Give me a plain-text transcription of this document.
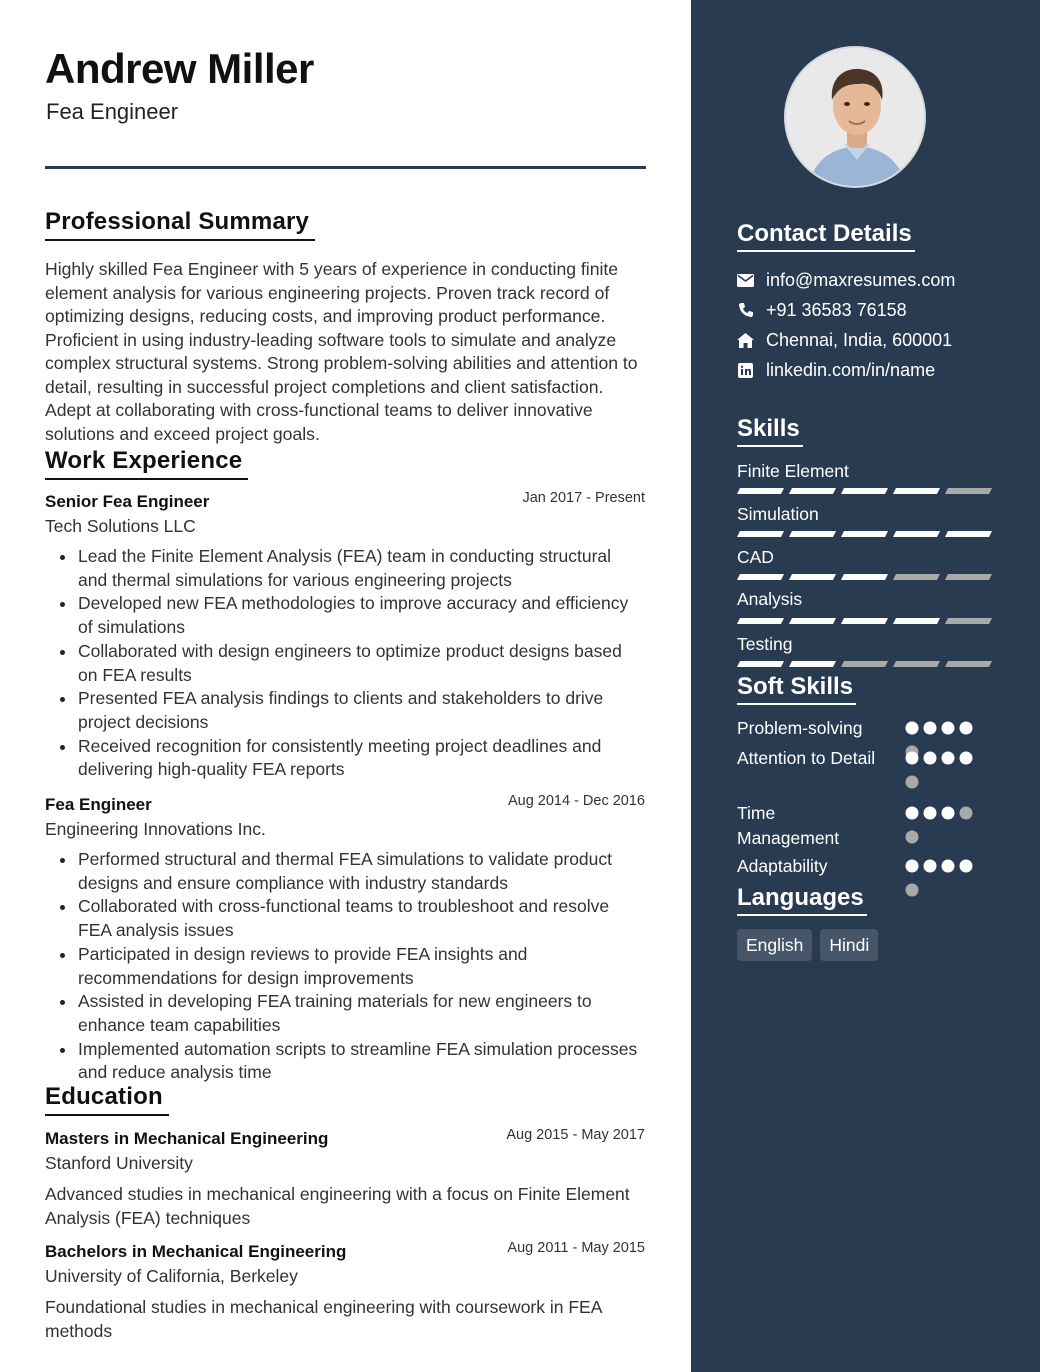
Andrew Miller
Fea Engineer
Professional Summary
Highly skilled Fea Engineer with 5 years of experience in conducting finite element analysis for various engineering projects. Proven track record of optimizing designs, reducing costs, and improving product performance. Proficient in using industry-leading software tools to simulate and analyze complex structural systems. Strong problem-solving abilities and attention to detail, resulting in successful project completions and client satisfaction. Adept at collaborating with cross-functional teams to deliver innovative solutions and exceed project goals.
Work Experience
Senior Fea Engineer	Jan 2017 - Present
Tech Solutions LLC
Lead the Finite Element Analysis (FEA) team in conducting structural and thermal simulations for various engineering projects
Developed new FEA methodologies to improve accuracy and efficiency of simulations
Collaborated with design engineers to optimize product designs based on FEA results
Presented FEA analysis findings to clients and stakeholders to drive project decisions
Received recognition for consistently meeting project deadlines and delivering high-quality FEA reports
Fea Engineer	Aug 2014 - Dec 2016
Engineering Innovations Inc.
Performed structural and thermal FEA simulations to validate product designs and ensure compliance with industry standards
Collaborated with cross-functional teams to troubleshoot and resolve FEA analysis issues
Participated in design reviews to provide FEA insights and recommendations for design improvements
Assisted in developing FEA training materials for new engineers to enhance team capabilities
Implemented automation scripts to streamline FEA simulation processes and reduce analysis time
Education
Masters in Mechanical Engineering	Aug 2015 - May 2017
Stanford University
Advanced studies in mechanical engineering with a focus on Finite Element Analysis (FEA) techniques
Bachelors in Mechanical Engineering	Aug 2011 - May 2015
University of California, Berkeley
Foundational studies in mechanical engineering with coursework in FEA methods
Contact Details
info@maxresumes.com
+91 36583 76158
Chennai, India, 600001
linkedin.com/in/name
Skills
Finite Element
Simulation
CAD
Analysis
Testing
Soft Skills
Problem-solving
Attention to Detail
Time Management
Adaptability
Languages
English	Hindi
